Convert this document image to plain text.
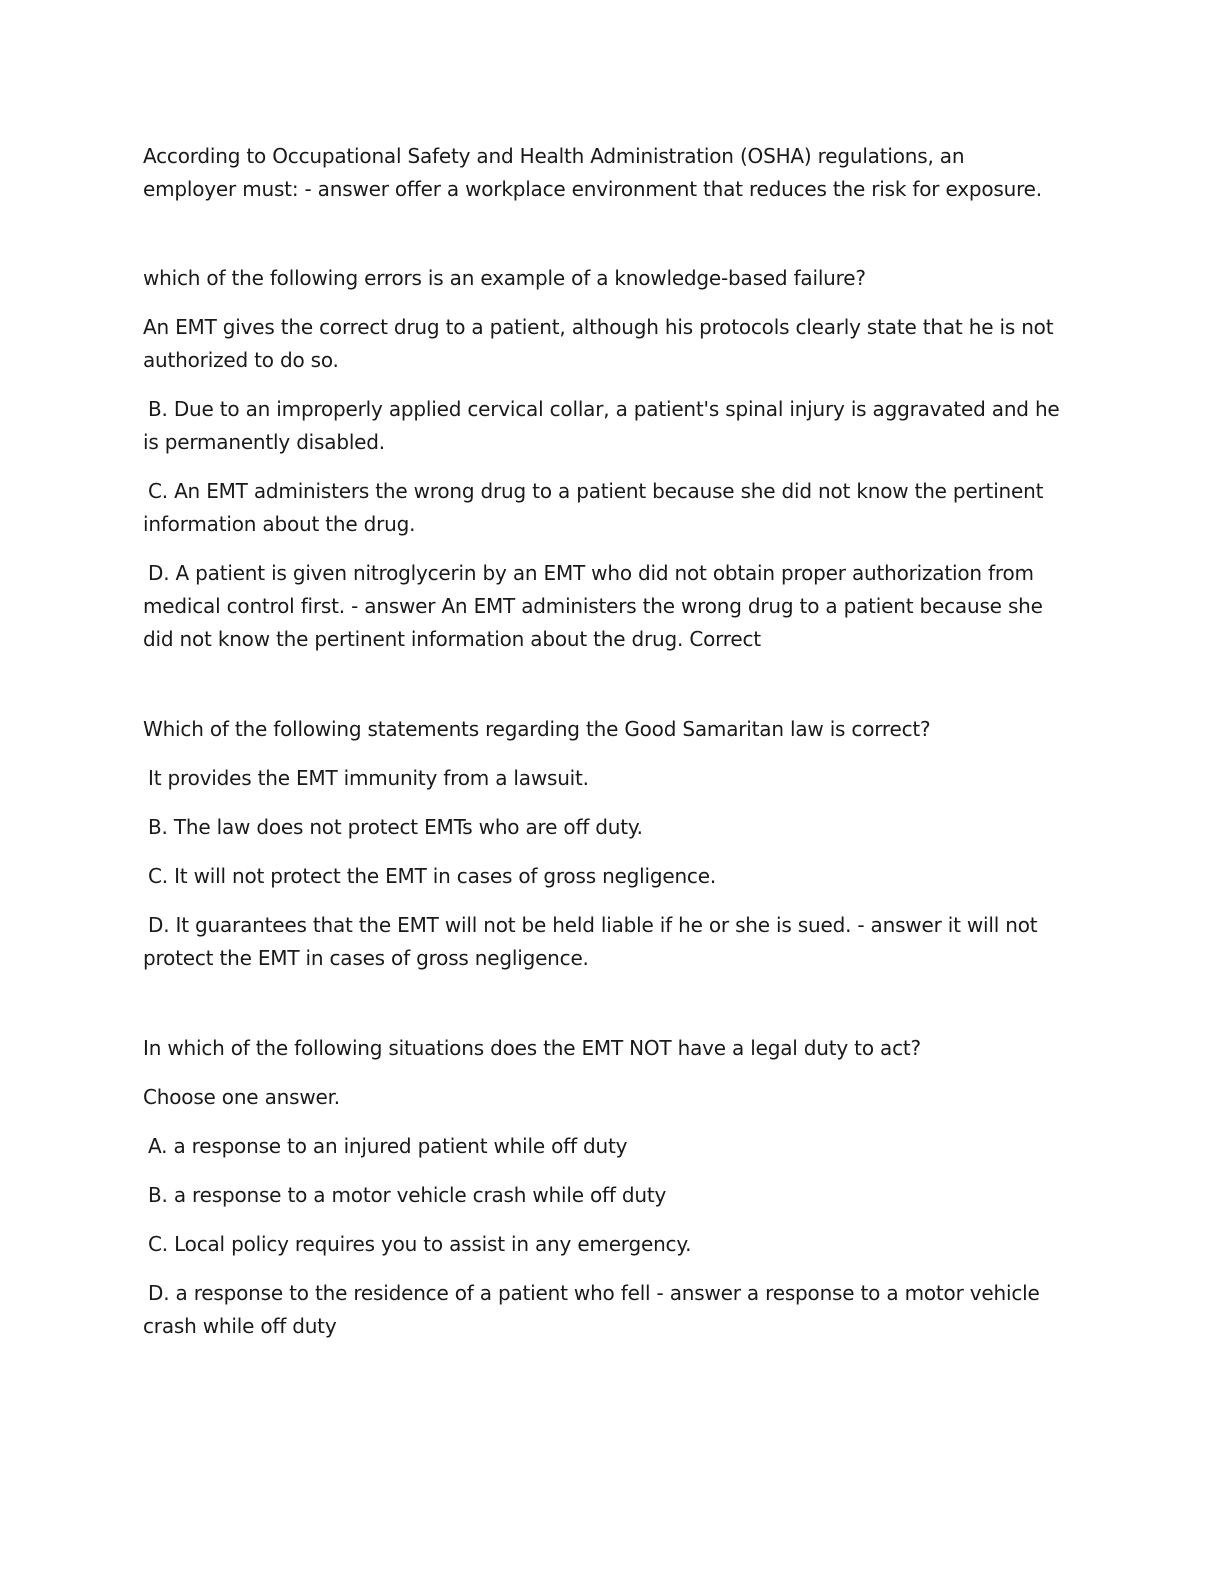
According to Occupational Safety and Health Administration (OSHA) regulations, an employer must: - answer offer a workplace environment that reduces the risk for exposure.

which of the following errors is an example of a knowledge-based failure?

An EMT gives the correct drug to a patient, although his protocols clearly state that he is not authorized to do so.

B. Due to an improperly applied cervical collar, a patient's spinal injury is aggravated and he is permanently disabled.

C. An EMT administers the wrong drug to a patient because she did not know the pertinent information about the drug.

D. A patient is given nitroglycerin by an EMT who did not obtain proper authorization from medical control first. - answer An EMT administers the wrong drug to a patient because she did not know the pertinent information about the drug. Correct

Which of the following statements regarding the Good Samaritan law is correct?

It provides the EMT immunity from a lawsuit.

B. The law does not protect EMTs who are off duty.

C. It will not protect the EMT in cases of gross negligence.

D. It guarantees that the EMT will not be held liable if he or she is sued. - answer it will not protect the EMT in cases of gross negligence.

In which of the following situations does the EMT NOT have a legal duty to act?

Choose one answer.

A. a response to an injured patient while off duty

B. a response to a motor vehicle crash while off duty

C. Local policy requires you to assist in any emergency.

D. a response to the residence of a patient who fell - answer a response to a motor vehicle crash while off duty
